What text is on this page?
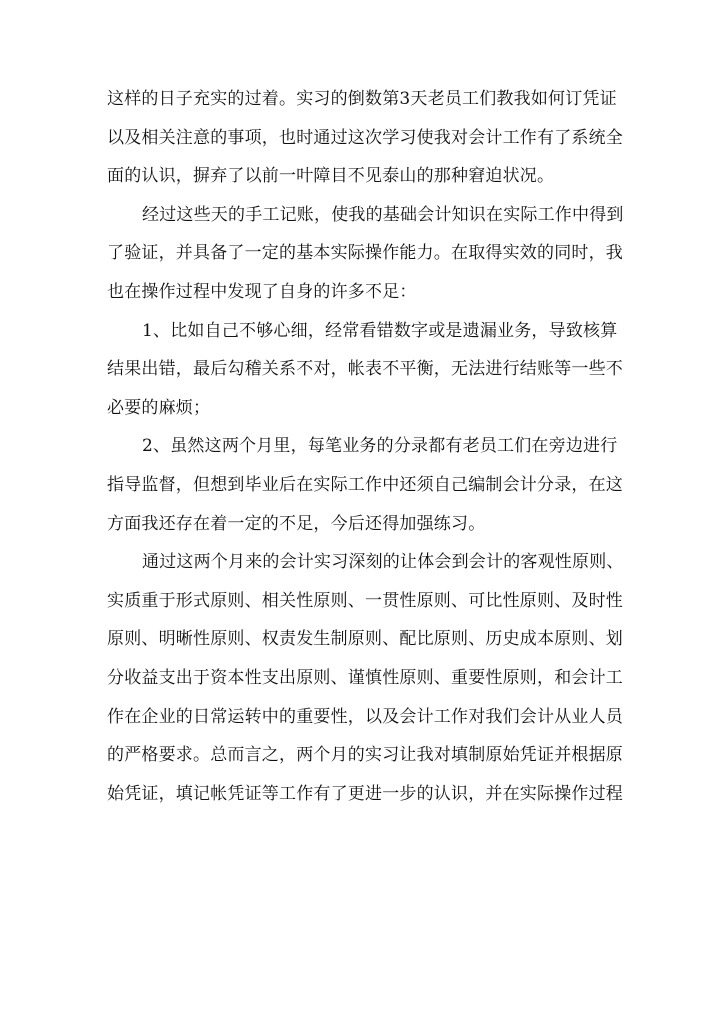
这样的日子充实的过着。实习的倒数第3天老员工们教我如何订凭证
以及相关注意的事项，也时通过这次学习使我对会计工作有了系统全
面的认识，摒弃了以前一叶障目不见泰山的那种窘迫状况。
经过这些天的手工记账，使我的基础会计知识在实际工作中得到
了验证，并具备了一定的基本实际操作能力。在取得实效的同时，我
也在操作过程中发现了自身的许多不足：
1、比如自己不够心细，经常看错数字或是遗漏业务，导致核算
结果出错，最后勾稽关系不对，帐表不平衡，无法进行结账等一些不
必要的麻烦；
2、虽然这两个月里，每笔业务的分录都有老员工们在旁边进行
指导监督，但想到毕业后在实际工作中还须自己编制会计分录，在这
方面我还存在着一定的不足，今后还得加强练习。
通过这两个月来的会计实习深刻的让体会到会计的客观性原则、
实质重于形式原则、相关性原则、一贯性原则、可比性原则、及时性
原则、明晰性原则、权责发生制原则、配比原则、历史成本原则、划
分收益支出于资本性支出原则、谨慎性原则、重要性原则，和会计工
作在企业的日常运转中的重要性，以及会计工作对我们会计从业人员
的严格要求。总而言之，两个月的实习让我对填制原始凭证并根据原
始凭证，填记帐凭证等工作有了更进一步的认识，并在实际操作过程
